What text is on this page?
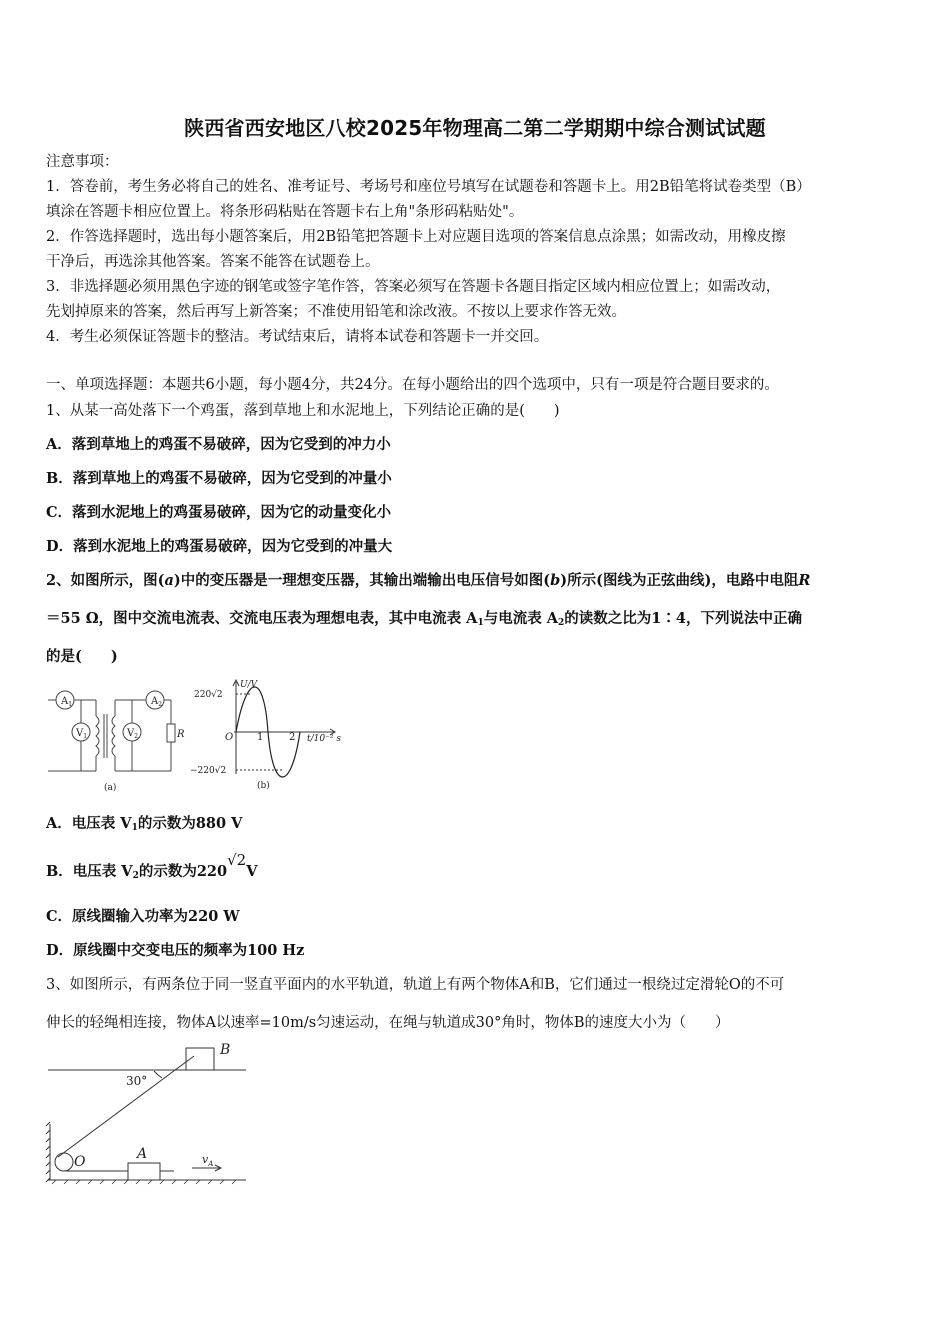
陕西省西安地区八校2025年物理高二第二学期期中综合测试试题
注意事项：
1．答卷前，考生务必将自己的姓名、准考证号、考场号和座位号填写在试题卷和答题卡上。用2B铅笔将试卷类型（B）
填涂在答题卡相应位置上。将条形码粘贴在答题卡右上角"条形码粘贴处"。
2．作答选择题时，选出每小题答案后，用2B铅笔把答题卡上对应题目选项的答案信息点涂黑；如需改动，用橡皮擦
干净后，再选涂其他答案。答案不能答在试题卷上。
3．非选择题必须用黑色字迹的钢笔或签字笔作答，答案必须写在答题卡各题目指定区域内相应位置上；如需改动，
先划掉原来的答案，然后再写上新答案；不准使用铅笔和涂改液。不按以上要求作答无效。
4．考生必须保证答题卡的整洁。考试结束后，请将本试卷和答题卡一并交回。
一、单项选择题：本题共6小题，每小题4分，共24分。在每小题给出的四个选项中，只有一项是符合题目要求的。
1、从某一高处落下一个鸡蛋，落到草地上和水泥地上，下列结论正确的是(　　)
A．落到草地上的鸡蛋不易破碎，因为它受到的冲力小
B．落到草地上的鸡蛋不易破碎，因为它受到的冲量小
C．落到水泥地上的鸡蛋易破碎，因为它的动量变化小
D．落到水泥地上的鸡蛋易破碎，因为它受到的冲量大
2、如图所示，图(a)中的变压器是一理想变压器，其输出端输出电压信号如图(b)所示(图线为正弦曲线)，电路中电阻R
＝55 Ω，图中交流电流表、交流电压表为理想电表，其中电流表 $A_1$与电流表 $A_2$的读数之比为1∶4，下列说法中正确
的是(　　)
$A_1$
$V_1$	$V_2$
$A_2$
R
(a)
U/V
220√2
−220√2
O 1	2 t/10⁻² s
(b)
A．电压表 $V_1$的示数为880 V
B．电压表 $V_2$的示数为220√2V
C．原线圈输入功率为220 W
D．原线圈中交变电压的频率为100 Hz
3、如图所示，有两条位于同一竖直平面内的水平轨道，轨道上有两个物体A和B，它们通过一根绕过定滑轮O的不可
伸长的轻绳相连接，物体A以速率=10m/s匀速运动，在绳与轨道成30°角时，物体B的速度大小为（　　）
B
A
O
30°
$v_A$
